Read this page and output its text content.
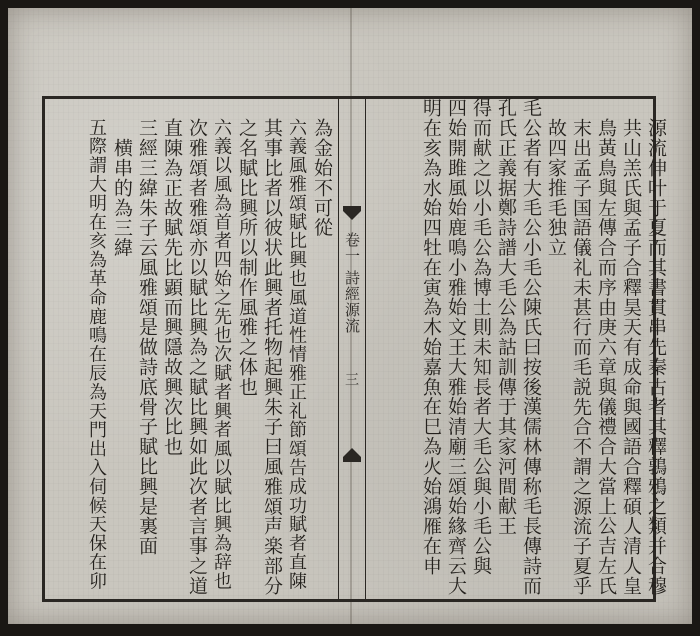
卷一 詩經源流
三	源流伸叶于夏而其書貫串先秦古者其釋鶉鴉之類并合穆
共山羔氏與孟子合釋昊天有成命與國語合釋碩人清人皇
鳥黃鳥與左傳合而序由庚六章與儀禮合大當上公吉左氏
末出孟子国語儀礼未甚行而毛説先合不謂之源流子夏乎
故四家推毛独立
毛公者有大毛公小毛公陳氏曰按後漢儒林傳称毛長傳詩而
孔氏正義据鄭詩譜大毛公為詁訓傳于其家河間献王
得而献之以小毛公為博士則未知長者大毛公與小毛公與
四始開雎風始鹿鳴小雅始文王大雅始清廟三頌始緣齊云大
明在亥為水始四牡在寅為木始嘉魚在巳為火始鴻雁在申
為金始不可從
六義風雅頌賦比興也風道性情雅正礼節頌告成功賦者直陳
其事比者以彼状此興者托物起興朱子曰風雅頌声楽部分
之名賦比興所以制作風雅之体也
六義以風為首者四始之先也次賦者興者風以賦比興為辞也
次雅頌者雅頌亦以賦比興為之賦比興如此次者言事之道
直陳為正故賦先比顕而興隱故興次比也
三經三緯朱子云風雅頌是做詩底骨子賦比興是裏面
横串的為三緯
五際謂大明在亥為革命鹿鳴在辰為天門出入伺候天保在卯
